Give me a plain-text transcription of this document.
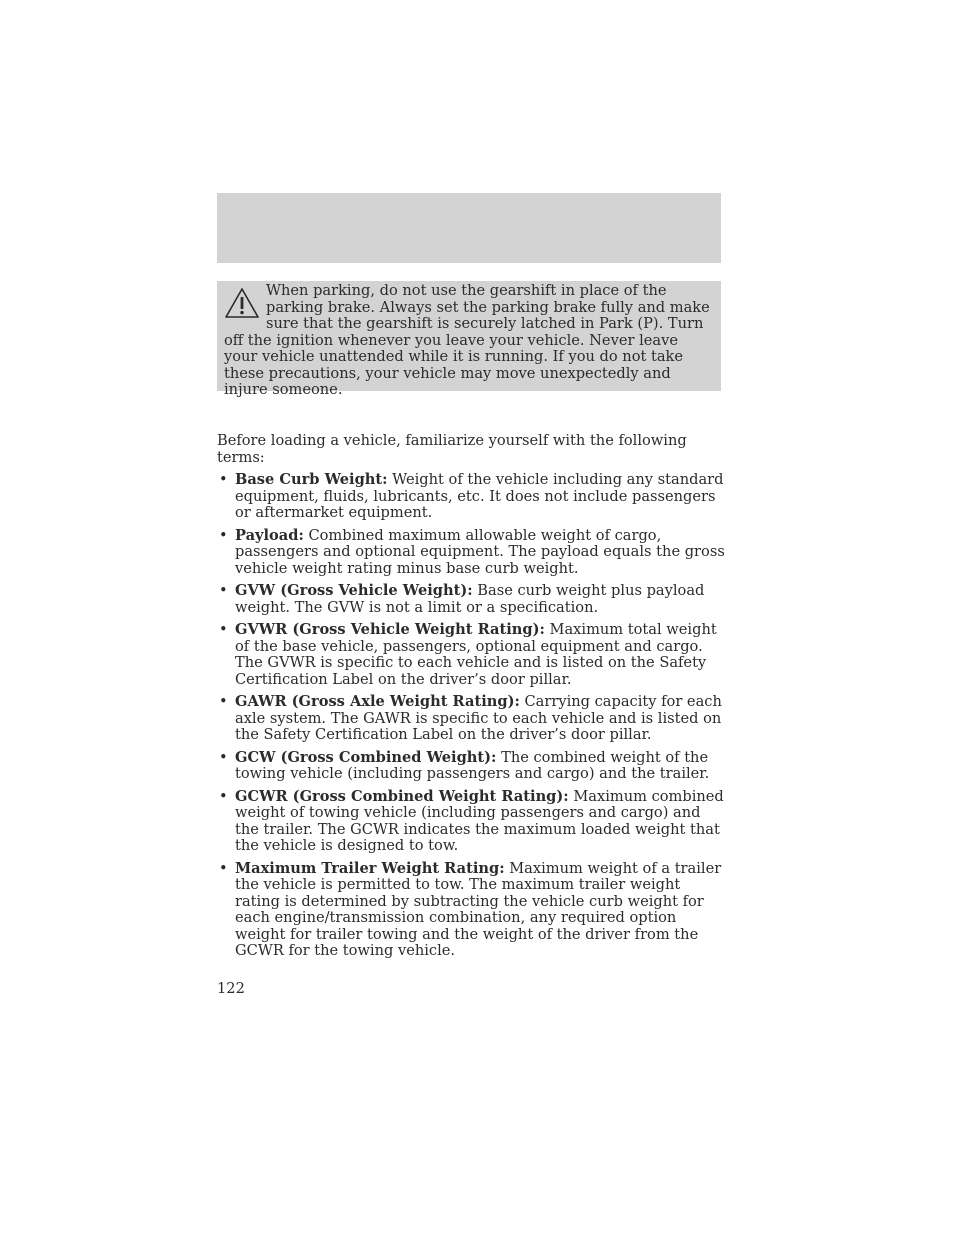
When parking, do not use the gearshift in place of the parking brake. Always set the parking brake fully and make sure that the gearshift is securely latched in Park (P). Turn off the ignition whenever you leave your vehicle. Never leave your vehicle unattended while it is running. If you do not take these precautions, your vehicle may move unexpectedly and injure someone.

Before loading a vehicle, familiarize yourself with the following terms:

• Base Curb Weight: Weight of the vehicle including any standard equipment, fluids, lubricants, etc. It does not include passengers or aftermarket equipment.
• Payload: Combined maximum allowable weight of cargo, passengers and optional equipment. The payload equals the gross vehicle weight rating minus base curb weight.
• GVW (Gross Vehicle Weight): Base curb weight plus payload weight. The GVW is not a limit or a specification.
• GVWR (Gross Vehicle Weight Rating): Maximum total weight of the base vehicle, passengers, optional equipment and cargo. The GVWR is specific to each vehicle and is listed on the Safety Certification Label on the driver’s door pillar.
• GAWR (Gross Axle Weight Rating): Carrying capacity for each axle system. The GAWR is specific to each vehicle and is listed on the Safety Certification Label on the driver’s door pillar.
• GCW (Gross Combined Weight): The combined weight of the towing vehicle (including passengers and cargo) and the trailer.
• GCWR (Gross Combined Weight Rating): Maximum combined weight of towing vehicle (including passengers and cargo) and the trailer. The GCWR indicates the maximum loaded weight that the vehicle is designed to tow.
• Maximum Trailer Weight Rating: Maximum weight of a trailer the vehicle is permitted to tow. The maximum trailer weight rating is determined by subtracting the vehicle curb weight for each engine/transmission combination, any required option weight for trailer towing and the weight of the driver from the GCWR for the towing vehicle.
122
